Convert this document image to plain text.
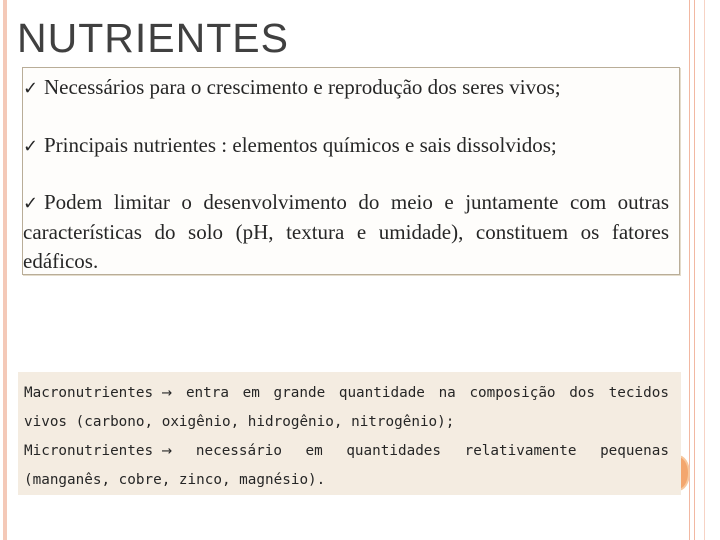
NUTRIENTES

✓Necessários para o crescimento e reprodução dos seres vivos;

✓Principais nutrientes : elementos químicos e sais dissolvidos;

✓Podem limitar o desenvolvimento do meio e juntamente com outras características do solo (pH, textura e umidade), constituem os fatores edáficos.

Macronutrientes  → entra em grande quantidade na composição dos tecidos

vivos (carbono, oxigênio, hidrogênio, nitrogênio);

Micronutrientes  → necessário em quantidades relativamente pequenas

(manganês, cobre, zinco, magnésio).
